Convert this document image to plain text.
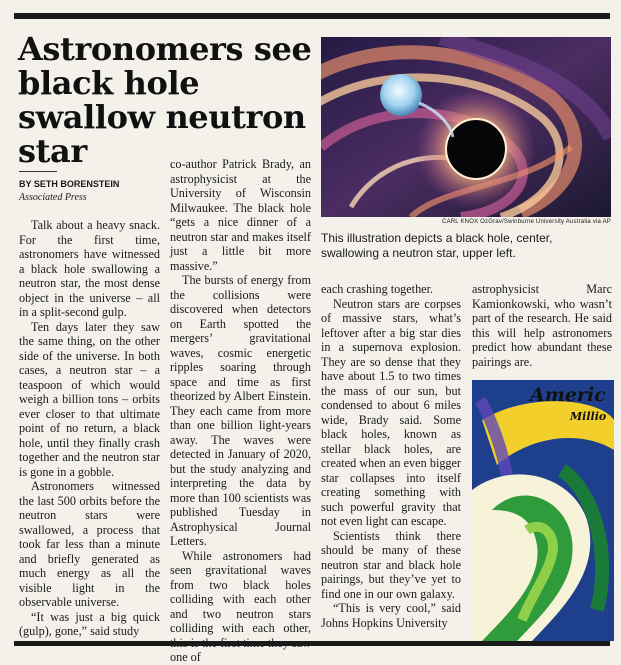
Astronomers see black hole swallow neutron star

BY SETH BORENSTEIN

Associated Press

CARL KNOX OzGrav/Swinburne University Australia via AP

This illustration depicts a black hole, center, swallowing a neutron star, upper left.

Talk about a heavy snack. For the first time, astronomers have witnessed a black hole swallowing a neutron star, the most dense object in the universe – all in a split-second gulp.

Ten days later they saw the same thing, on the other side of the universe. In both cases, a neutron star – a teaspoon of which would weigh a billion tons – orbits ever closer to that ultimate point of no return, a black hole, until they finally crash together and the neutron star is gone in a gobble.

Astronomers witnessed the last 500 orbits before the neutron stars were swallowed, a process that took far less than a minute and briefly generated as much energy as all the visible light in the observable universe.

“It was just a big quick (gulp), gone,” said study

co-author Patrick Brady, an astrophysicist at the University of Wisconsin Milwaukee. The black hole “gets a nice dinner of a neutron star and makes itself just a little bit more massive.”

The bursts of energy from the collisions were discovered when detectors on Earth spotted the mergers’ gravitational waves, cosmic energetic ripples soaring through space and time as first theorized by Albert Einstein. They each came from more than one billion light-years away. The waves were detected in January of 2020, but the study analyzing and interpreting the data by more than 100 scientists was published Tuesday in Astrophysical Journal Letters.

While astronomers had seen gravitational waves from two black holes colliding with each other and two neutron stars colliding with each other, one of

each crashing together.

Neutron stars are corpses of massive stars, what’s leftover after a big star dies in a supernova explosion. They are so dense that they have about 1.5 to two times the mass of our sun, but condensed to about 6 miles wide, Brady said. Some black holes, known as stellar black holes, are created when an even bigger star collapses into itself creating something with such powerful gravity that not even light can escape.

Scientists think there should be many of these neutron star and black hole pairings, but they’ve yet to find one in our own galaxy.

“This is very cool,” said Johns Hopkins University

astrophysicist Marc Kamionkowski, who wasn’t part of the research. He said this will help astronomers predict how abundant these pairings are.

Americ
Millio
